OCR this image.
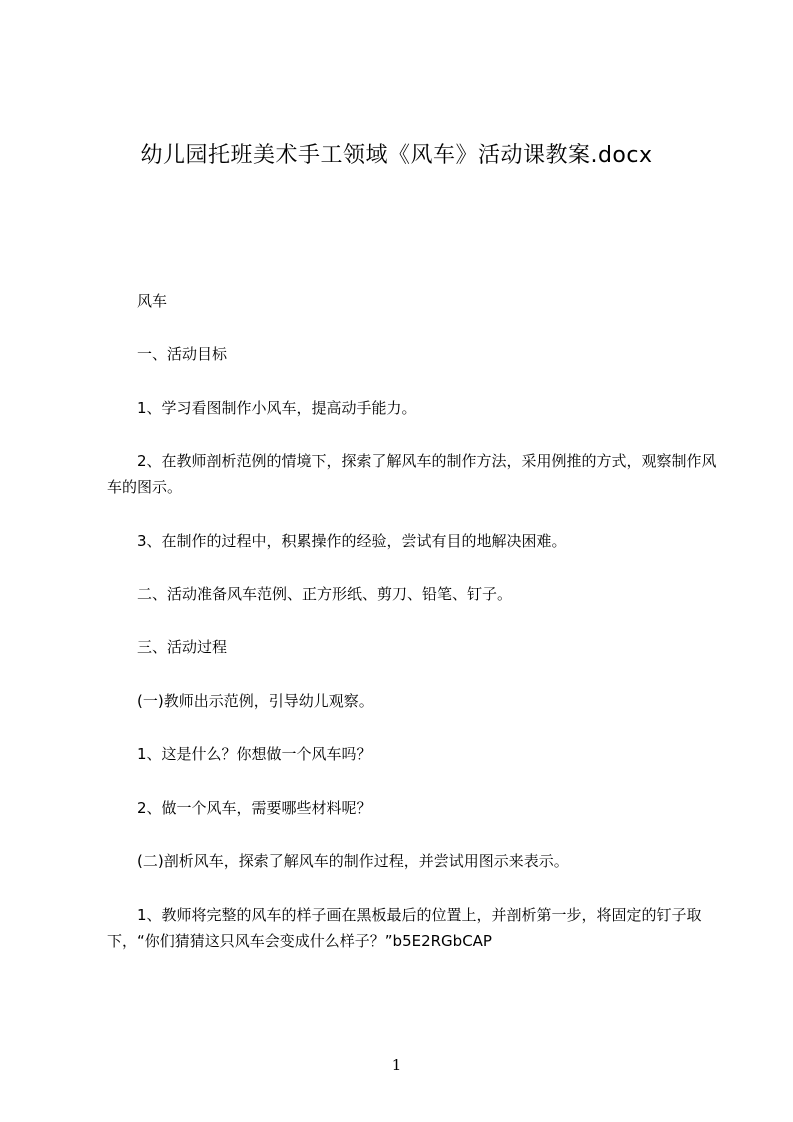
幼儿园托班美术手工领域《风车》活动课教案.docx

风车

一、活动目标

1、学习看图制作小风车，提高动手能力。

2、在教师剖析范例的情境下，探索了解风车的制作方法，采用例推的方式，观察制作风车的图示。

3、在制作的过程中，积累操作的经验，尝试有目的地解决困难。

二、活动准备风车范例、正方形纸、剪刀、铅笔、钉子。

三、活动过程

(一)教师出示范例，引导幼儿观察。

1、这是什么？你想做一个风车吗？

2、做一个风车，需要哪些材料呢？

(二)剖析风车，探索了解风车的制作过程，并尝试用图示来表示。

1、教师将完整的风车的样子画在黑板最后的位置上，并剖析第一步，将固定的钉子取下，“你们猜猜这只风车会变成什么样子？”b5E2RGbCAP

1
